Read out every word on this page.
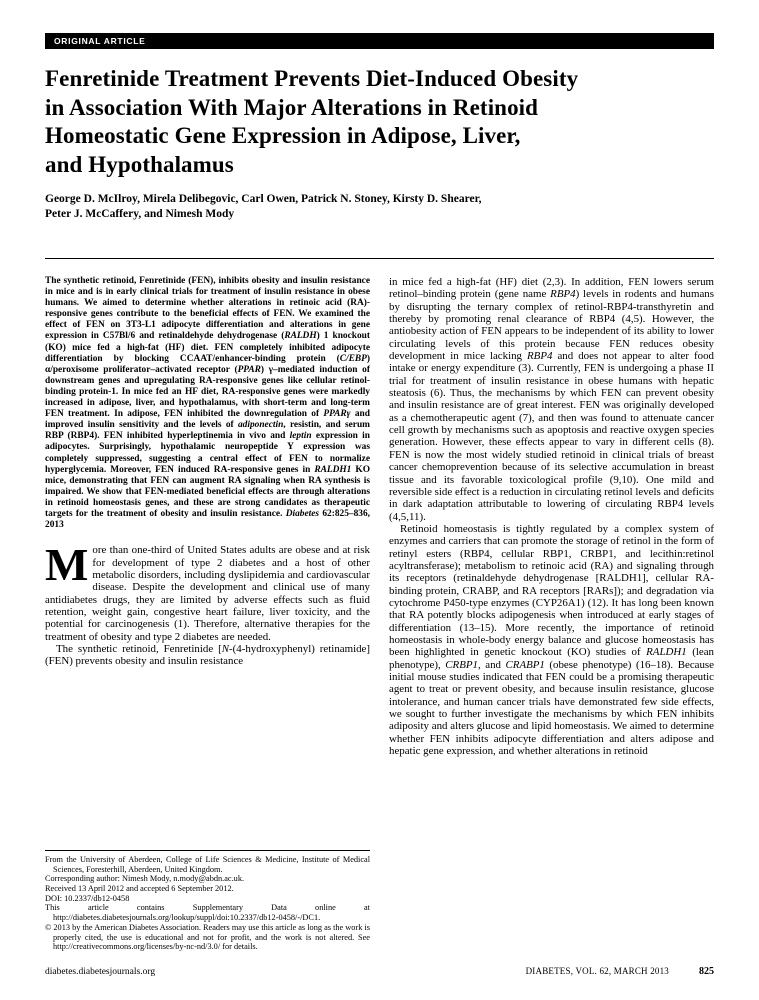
ORIGINAL ARTICLE
Fenretinide Treatment Prevents Diet-Induced Obesity
in Association With Major Alterations in Retinoid
Homeostatic Gene Expression in Adipose, Liver,
and Hypothalamus
George D. McIlroy, Mirela Delibegovic, Carl Owen, Patrick N. Stoney, Kirsty D. Shearer,
Peter J. McCaffery, and Nimesh Mody

The synthetic retinoid, Fenretinide (FEN), inhibits obesity and insulin resistance in mice and is in early clinical trials for treatment of insulin resistance in obese humans. We aimed to determine whether alterations in retinoic acid (RA)-responsive genes contribute to the beneficial effects of FEN. We examined the effect of FEN on 3T3-L1 adipocyte differentiation and alterations in gene expression in C57Bl/6 and retinaldehyde dehydrogenase (RALDH) 1 knockout (KO) mice fed a high-fat (HF) diet. FEN completely inhibited adipocyte differentiation by blocking CCAAT/enhancer-binding protein (C/EBP) α/peroxisome proliferator–activated receptor (PPAR) γ–mediated induction of downstream genes and upregulating RA-responsive genes like cellular retinol-binding protein-1. In mice fed an HF diet, RA-responsive genes were markedly increased in adipose, liver, and hypothalamus, with short-term and long-term FEN treatment. In adipose, FEN inhibited the downregulation of PPARγ and improved insulin sensitivity and the levels of adiponectin, resistin, and serum RBP (RBP4). FEN inhibited hyperleptinemia in vivo and leptin expression in adipocytes. Surprisingly, hypothalamic neuropeptide Y expression was completely suppressed, suggesting a central effect of FEN to normalize hyperglycemia. Moreover, FEN induced RA-responsive genes in RALDH1 KO mice, demonstrating that FEN can augment RA signaling when RA synthesis is impaired. We show that FEN-mediated beneficial effects are through alterations in retinoid homeostasis genes, and these are strong candidates as therapeutic targets for the treatment of obesity and insulin resistance. Diabetes 62:825–836, 2013

More than one-third of United States adults are obese and at risk for development of type 2 diabetes and a host of other metabolic disorders, including dyslipidemia and cardiovascular disease. Despite the development and clinical use of many antidiabetes drugs, they are limited by adverse effects such as fluid retention, weight gain, congestive heart failure, liver toxicity, and the potential for carcinogenesis (1). Therefore, alternative therapies for the treatment of obesity and type 2 diabetes are needed.

The synthetic retinoid, Fenretinide [N-(4-hydroxyphenyl) retinamide] (FEN) prevents obesity and insulin resistance

From the University of Aberdeen, College of Life Sciences & Medicine, Institute of Medical Sciences, Foresterhill, Aberdeen, United Kingdom.

Corresponding author: Nimesh Mody, n.mody@abdn.ac.uk.

Received 13 April 2012 and accepted 6 September 2012.

DOI: 10.2337/db12-0458

This article contains Supplementary Data online at http://diabetes.diabetesjournals.org/lookup/suppl/doi:10.2337/db12-0458/-/DC1.

© 2013 by the American Diabetes Association. Readers may use this article as long as the work is properly cited, the use is educational and not for profit, and the work is not altered. See http://creativecommons.org/licenses/by-nc-nd/3.0/ for details.

in mice fed a high-fat (HF) diet (2,3). In addition, FEN lowers serum retinol–binding protein (gene name RBP4) levels in rodents and humans by disrupting the ternary complex of retinol-RBP4-transthyretin and thereby by promoting renal clearance of RBP4 (4,5). However, the antiobesity action of FEN appears to be independent of its ability to lower circulating levels of this protein because FEN reduces obesity development in mice lacking RBP4 and does not appear to alter food intake or energy expenditure (3). Currently, FEN is undergoing a phase II trial for treatment of insulin resistance in obese humans with hepatic steatosis (6). Thus, the mechanisms by which FEN can prevent obesity and insulin resistance are of great interest. FEN was originally developed as a chemotherapeutic agent (7), and then was found to attenuate cancer cell growth by mechanisms such as apoptosis and reactive oxygen species generation. However, these effects appear to vary in different cells (8). FEN is now the most widely studied retinoid in clinical trials of breast cancer chemoprevention because of its selective accumulation in breast tissue and its favorable toxicological profile (9,10). One mild and reversible side effect is a reduction in circulating retinol levels and deficits in dark adaptation attributable to lowering of circulating RBP4 levels (4,5,11).

Retinoid homeostasis is tightly regulated by a complex system of enzymes and carriers that can promote the storage of retinol in the form of retinyl esters (RBP4, cellular RBP1, CRBP1, and lecithin:retinol acyltransferase); metabolism to retinoic acid (RA) and signaling through its receptors (retinaldehyde dehydrogenase [RALDH1], cellular RA-binding protein, CRABP, and RA receptors [RARs]); and degradation via cytochrome P450-type enzymes (CYP26A1) (12). It has long been known that RA potently blocks adipogenesis when introduced at early stages of differentiation (13–15). More recently, the importance of retinoid homeostasis in whole-body energy balance and glucose homeostasis has been highlighted in genetic knockout (KO) studies of RALDH1 (lean phenotype), CRBP1, and CRABP1 (obese phenotype) (16–18). Because initial mouse studies indicated that FEN could be a promising therapeutic agent to treat or prevent obesity, and because insulin resistance, glucose intolerance, and human cancer trials have demonstrated few side effects, we sought to further investigate the mechanisms by which FEN inhibits adiposity and alters glucose and lipid homeostasis. We aimed to determine whether FEN inhibits adipocyte differentiation and alters adipose and hepatic gene expression, and whether alterations in retinoid

diabetes.diabetesjournals.org	DIABETES, VOL. 62, MARCH 2013	825
